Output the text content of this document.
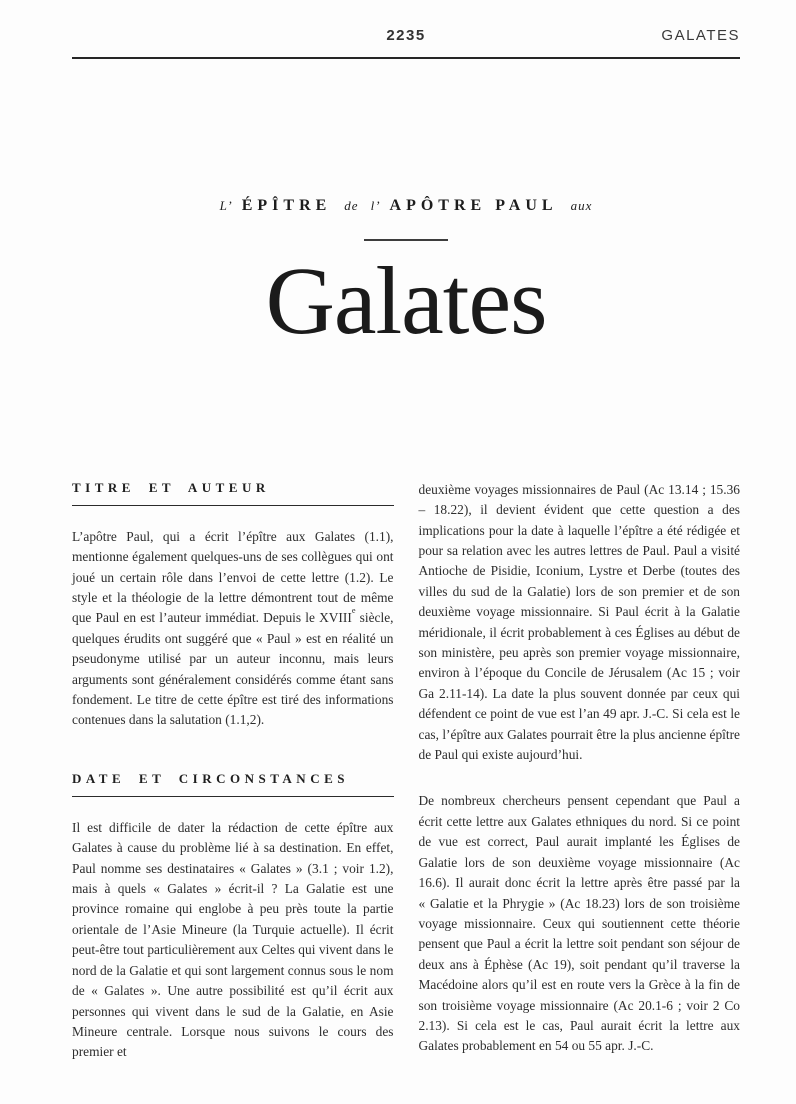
2235	GALATES
L’ ÉPÎTRE de l’ APÔTRE PAUL aux
Galates
TITRE ET AUTEUR

L’apôtre Paul, qui a écrit l’épître aux Galates (1.1), mentionne également quelques-uns de ses collègues qui ont joué un certain rôle dans l’envoi de cette lettre (1.2). Le style et la théologie de la lettre démontrent tout de même que Paul en est l’auteur immédiat. Depuis le XVIIIe siècle, quelques érudits ont suggéré que « Paul » est en réalité un pseudonyme utilisé par un auteur inconnu, mais leurs arguments sont généralement considérés comme étant sans fondement. Le titre de cette épître est tiré des informations contenues dans la salutation (1.1,2).

DATE ET CIRCONSTANCES

Il est difficile de dater la rédaction de cette épître aux Galates à cause du problème lié à sa destination. En effet, Paul nomme ses destinataires « Galates » (3.1 ; voir 1.2), mais à quels « Galates » écrit-il ? La Galatie est une province romaine qui englobe à peu près toute la partie orientale de l’Asie Mineure (la Turquie actuelle). Il écrit peut-être tout particulièrement aux Celtes qui vivent dans le nord de la Galatie et qui sont largement connus sous le nom de « Galates ». Une autre possibilité est qu’il écrit aux personnes qui vivent dans le sud de la Galatie, en Asie Mineure centrale. Lorsque nous suivons le cours des premier et

deuxième voyages missionnaires de Paul (Ac 13.14 ; 15.36 – 18.22), il devient évident que cette question a des implications pour la date à laquelle l’épître a été rédigée et pour sa relation avec les autres lettres de Paul. Paul a visité Antioche de Pisidie, Iconium, Lystre et Derbe (toutes des villes du sud de la Galatie) lors de son premier et de son deuxième voyage missionnaire. Si Paul écrit à la Galatie méridionale, il écrit probablement à ces Églises au début de son ministère, peu après son premier voyage missionnaire, environ à l’époque du Concile de Jérusalem (Ac 15 ; voir Ga 2.11-14). La date la plus souvent donnée par ceux qui défendent ce point de vue est l’an 49 apr. J.-C. Si cela est le cas, l’épître aux Galates pourrait être la plus ancienne épître de Paul qui existe aujourd’hui.

De nombreux chercheurs pensent cependant que Paul a écrit cette lettre aux Galates ethniques du nord. Si ce point de vue est correct, Paul aurait implanté les Églises de Galatie lors de son deuxième voyage missionnaire (Ac 16.6). Il aurait donc écrit la lettre après être passé par la « Galatie et la Phrygie » (Ac 18.23) lors de son troisième voyage missionnaire. Ceux qui soutiennent cette théorie pensent que Paul a écrit la lettre soit pendant son séjour de deux ans à Éphèse (Ac 19), soit pendant qu’il traverse la Macédoine alors qu’il est en route vers la Grèce à la fin de son troisième voyage missionnaire (Ac 20.1-6 ; voir 2 Co 2.13). Si cela est le cas, Paul aurait écrit la lettre aux Galates probablement en 54 ou 55 apr. J.-C.
